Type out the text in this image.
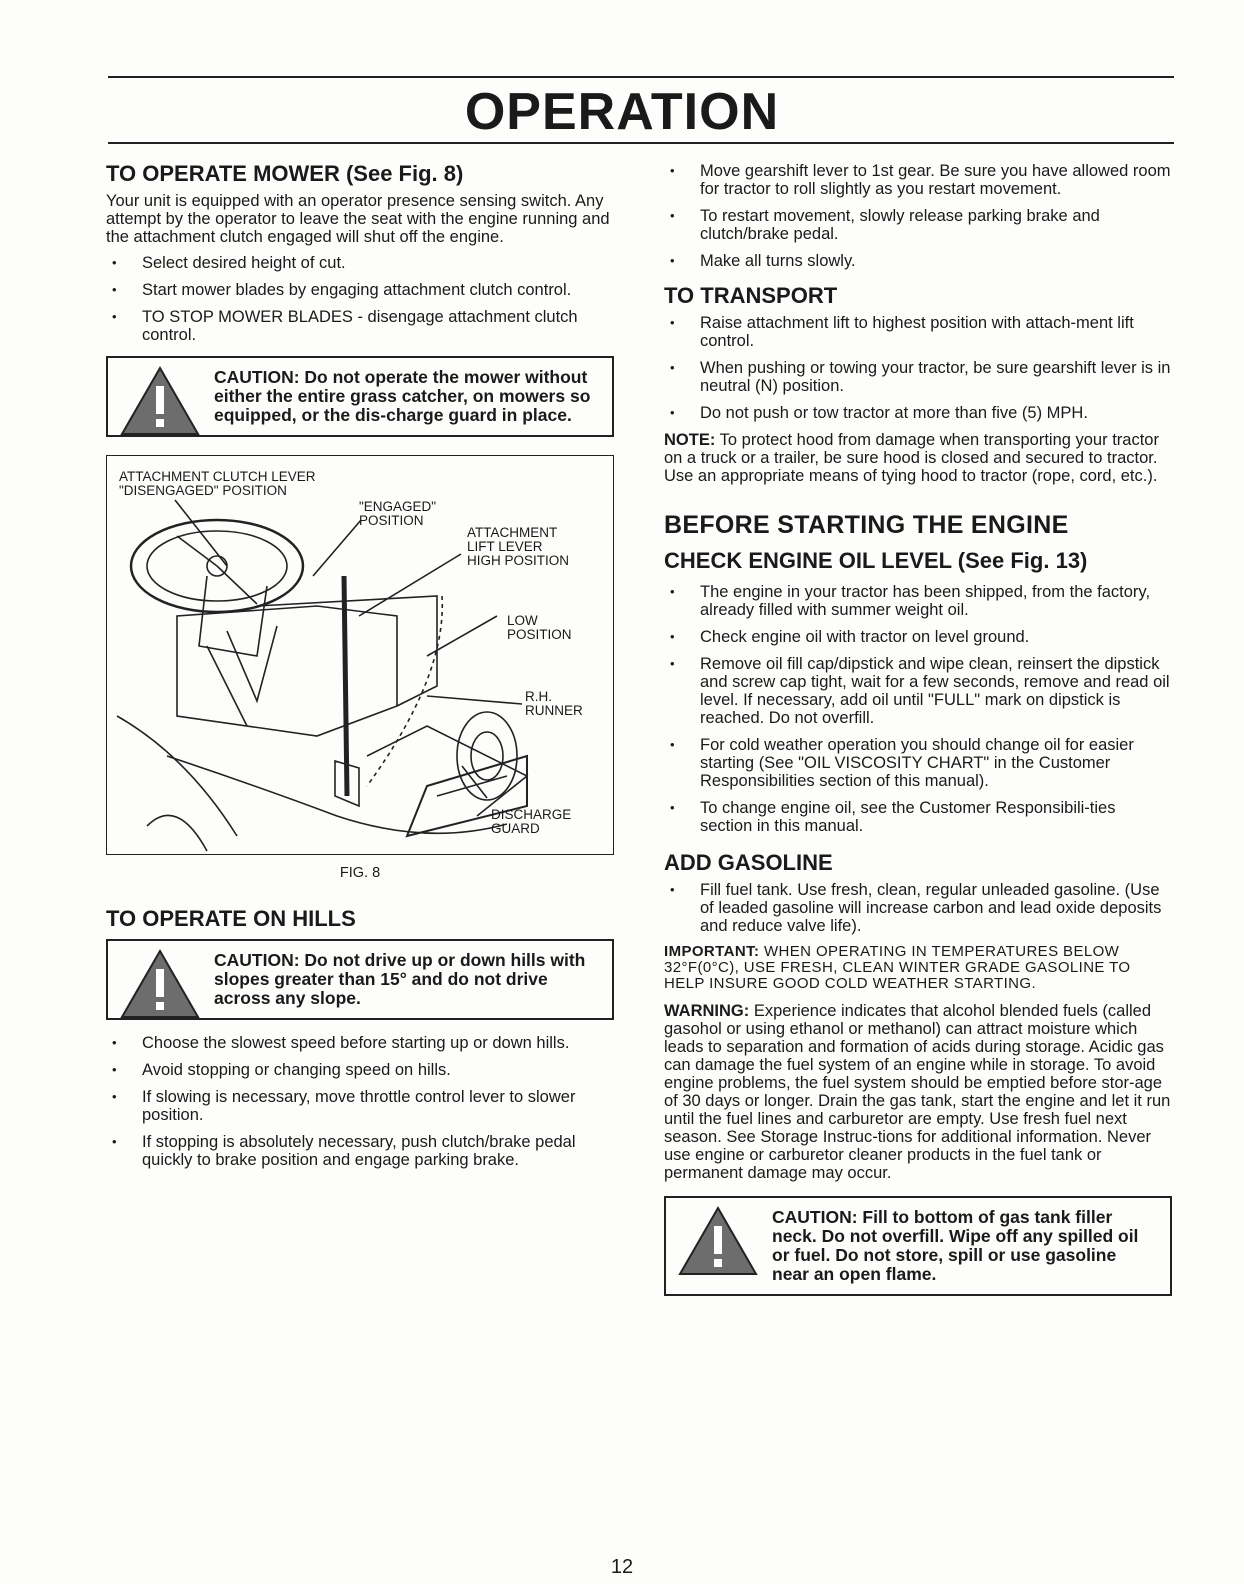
OPERATION
TO OPERATE MOWER (See Fig. 8)

Your unit is equipped with an operator presence sensing switch. Any attempt by the operator to leave the seat with the engine running and the attachment clutch engaged will shut off the engine.

• Select desired height of cut.
• Start mower blades by engaging attachment clutch control.
• TO STOP MOWER BLADES - disengage attachment clutch control.
CAUTION: Do not operate the mower without either the entire grass catcher, on mowers so equipped, or the dis-charge guard in place.
ATTACHMENT CLUTCH LEVER
"DISENGAGED" POSITION
"ENGAGED"
POSITION
ATTACHMENT
LIFT LEVER
HIGH POSITION
LOW
POSITION
R.H.
RUNNER
DISCHARGE
GUARD
FIG. 8
TO OPERATE ON HILLS
CAUTION: Do not drive up or down hills with slopes greater than 15° and do not drive across any slope.
• Choose the slowest speed before starting up or down hills.
• Avoid stopping or changing speed on hills.
• If slowing is necessary, move throttle control lever to slower position.
• If stopping is absolutely necessary, push clutch/brake pedal quickly to brake position and engage parking brake.
• Move gearshift lever to 1st gear. Be sure you have allowed room for tractor to roll slightly as you restart movement.
• To restart movement, slowly release parking brake and clutch/brake pedal.
• Make all turns slowly.
TO TRANSPORT
• Raise attachment lift to highest position with attach-ment lift control.
• When pushing or towing your tractor, be sure gearshift lever is in neutral (N) position.
• Do not push or tow tractor at more than five (5) MPH.

NOTE: To protect hood from damage when transporting your tractor on a truck or a trailer, be sure hood is closed and secured to tractor. Use an appropriate means of tying hood to tractor (rope, cord, etc.).

BEFORE STARTING THE ENGINE
CHECK ENGINE OIL LEVEL (See Fig. 13)
• The engine in your tractor has been shipped, from the factory, already filled with summer weight oil.
• Check engine oil with tractor on level ground.
• Remove oil fill cap/dipstick and wipe clean, reinsert the dipstick and screw cap tight, wait for a few seconds, remove and read oil level. If necessary, add oil until "FULL" mark on dipstick is reached. Do not overfill.
• For cold weather operation you should change oil for easier starting (See "OIL VISCOSITY CHART" in the Customer Responsibilities section of this manual).
• To change engine oil, see the Customer Responsibili-ties section in this manual.
ADD GASOLINE
• Fill fuel tank. Use fresh, clean, regular unleaded gasoline. (Use of leaded gasoline will increase carbon and lead oxide deposits and reduce valve life).

IMPORTANT: WHEN OPERATING IN TEMPERATURES BELOW 32°F(0°C), USE FRESH, CLEAN WINTER GRADE GASOLINE TO HELP INSURE GOOD COLD WEATHER STARTING.

WARNING: Experience indicates that alcohol blended fuels (called gasohol or using ethanol or methanol) can attract moisture which leads to separation and formation of acids during storage. Acidic gas can damage the fuel system of an engine while in storage. To avoid engine problems, the fuel system should be emptied before stor-age of 30 days or longer. Drain the gas tank, start the engine and let it run until the fuel lines and carburetor are empty. Use fresh fuel next season. See Storage Instruc-tions for additional information. Never use engine or carburetor cleaner products in the fuel tank or permanent damage may occur.

CAUTION: Fill to bottom of gas tank filler neck. Do not overfill. Wipe off any spilled oil or fuel. Do not store, spill or use gasoline near an open flame.
12
